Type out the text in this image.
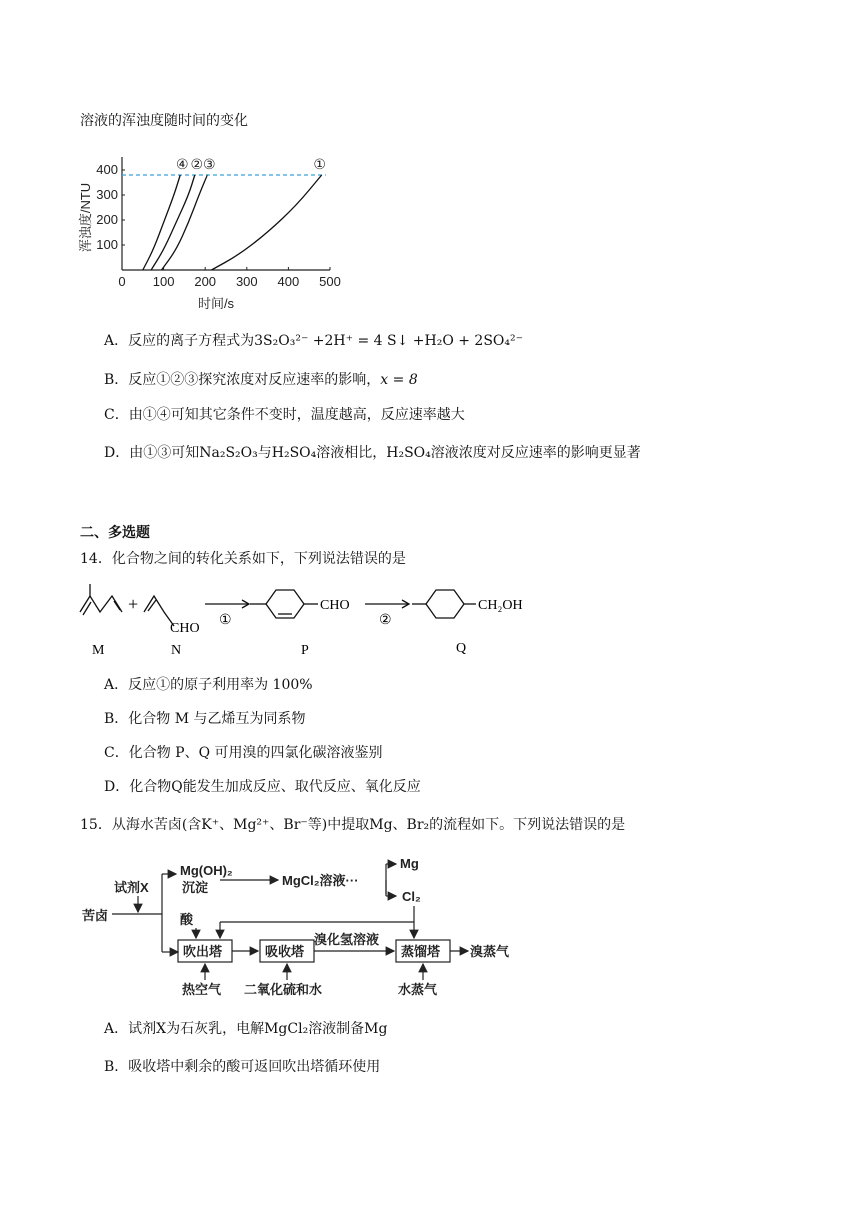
溶液的浑浊度随时间的变化
0 100 200 300 400 500
100
200
300
400
时间/s
浑浊度/NTU
④ ② ③	①
A．反应的离子方程式为3S₂O₃²⁻ +2H⁺ = 4 S↓ +H₂O + 2SO₄²⁻
B．反应①②③探究浓度对反应速率的影响，x = 8
C．由①④可知其它条件不变时，温度越高，反应速率越大
D．由①③可知Na₂S₂O₃与H₂SO₄溶液相比，H₂SO₄溶液浓度对反应速率的影响更显著
二、多选题
14．化合物之间的转化关系如下，下列说法错误的是
+
CHO
①
CHO
②
CH₂OH
M	N	P	Q
A．反应①的原子利用率为 100%
B．化合物 M 与乙烯互为同系物
C．化合物 P、Q 可用溴的四氯化碳溶液鉴别
D．化合物Q能发生加成反应、取代反应、氧化反应
15．从海水苦卤(含K⁺、Mg²⁺、Br⁻等)中提取Mg、Br₂的流程如下。下列说法错误的是
试剂X
苦卤
Mg(OH)₂
沉淀	MgCl₂溶液···
Mg
Cl₂
酸
吹出塔	吸收塔
溴化氢溶液
蒸馏塔 溴蒸气
热空气 二氧化硫和水	水蒸气
A．试剂X为石灰乳，电解MgCl₂溶液制备Mg
B．吸收塔中剩余的酸可返回吹出塔循环使用
